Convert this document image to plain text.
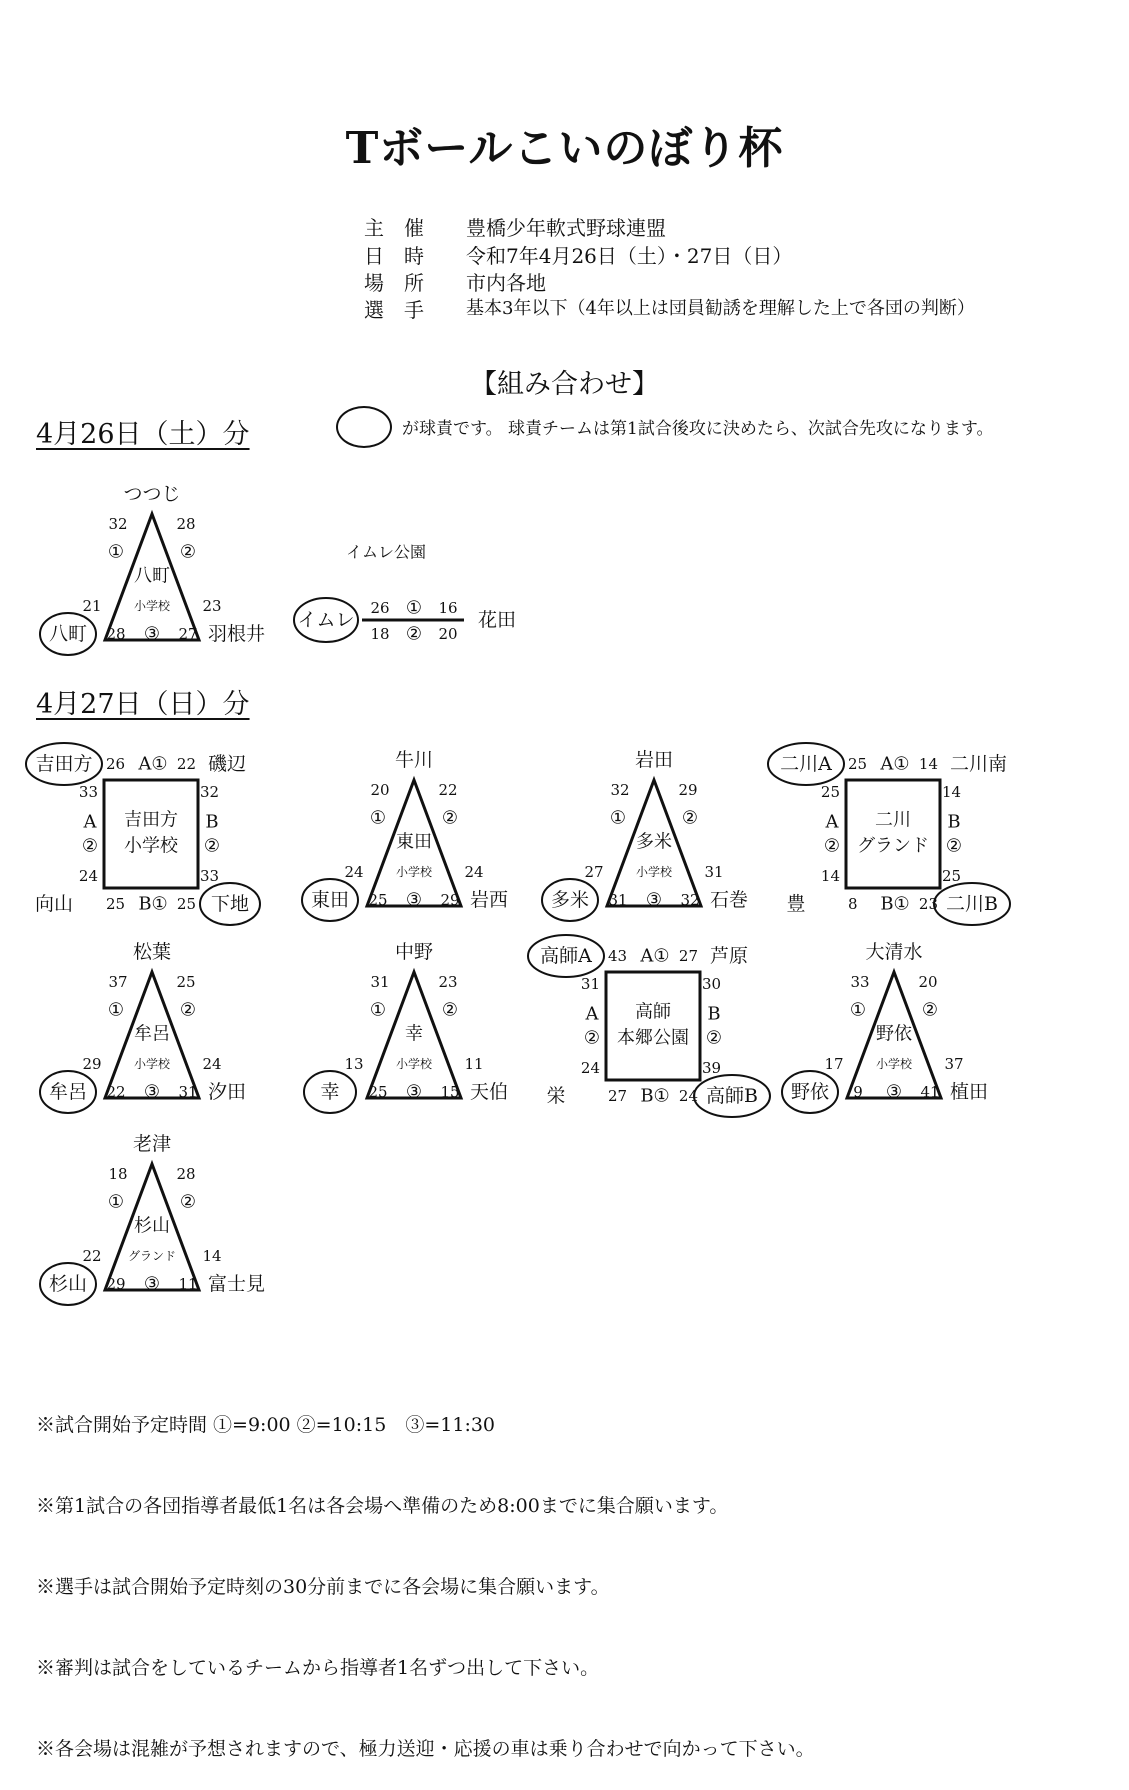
Tボールこいのぼり杯
主　催 豊橋少年軟式野球連盟
日　時 令和7年4月26日（土）・27日（日）
場　所 市内各地
選　手 基本3年以下（4年以上は団員勧誘を理解した上で各団の判断）
【組み合わせ】
が球責です。 球責チームは第1試合後攻に決めたら、次試合先攻になります。
4月26日（土）分
4月27日（日）分
つつじ
32	28
①	②
八町
小学校
21	23
28 ③ 27
八町	羽根井
イムレ公園
イムレ
26 ① 16
18 ② 20
花田
吉田方 26 A① 22 磯辺
33	32
A
②
B
②
吉田方
小学校
24	33
向山 25 B① 25 下地
牛川
20	22
①	②
東田
小学校
24	24
25 ③ 29
東田	岩西
岩田
32	29
①	②
多米
小学校
27	31
31 ③ 32
多米	石巻
二川A 25 A① 14 二川南
25	14
A
②
B
②
二川
グランド
14	25
豊	8 B① 23 二川B
松葉
37	25
①	②
牟呂
小学校
29	24
22 ③ 31
牟呂	汐田
中野
31	23
①	②
幸
小学校
13	11
25 ③ 15
幸	天伯
高師A 43 A① 27 芦原
31	30
A
②
B
②
高師
本郷公園
24	39
栄	27 B① 24 高師B
大清水
33	20
①	②
野依
小学校
17	37
9 ③ 41
野依	植田
老津
18	28
①	②
杉山
グランド
22	14
29 ③ 11
杉山	富士見

※試合開始予定時間 ①=9:00 ②=10:15　③=11:30

※第1試合の各団指導者最低1名は各会場へ準備のため8:00までに集合願います。

※選手は試合開始予定時刻の30分前までに各会場に集合願います。

※審判は試合をしているチームから指導者1名ずつ出して下さい。

※各会場は混雑が予想されますので、極力送迎・応援の車は乗り合わせで向かって下さい。
